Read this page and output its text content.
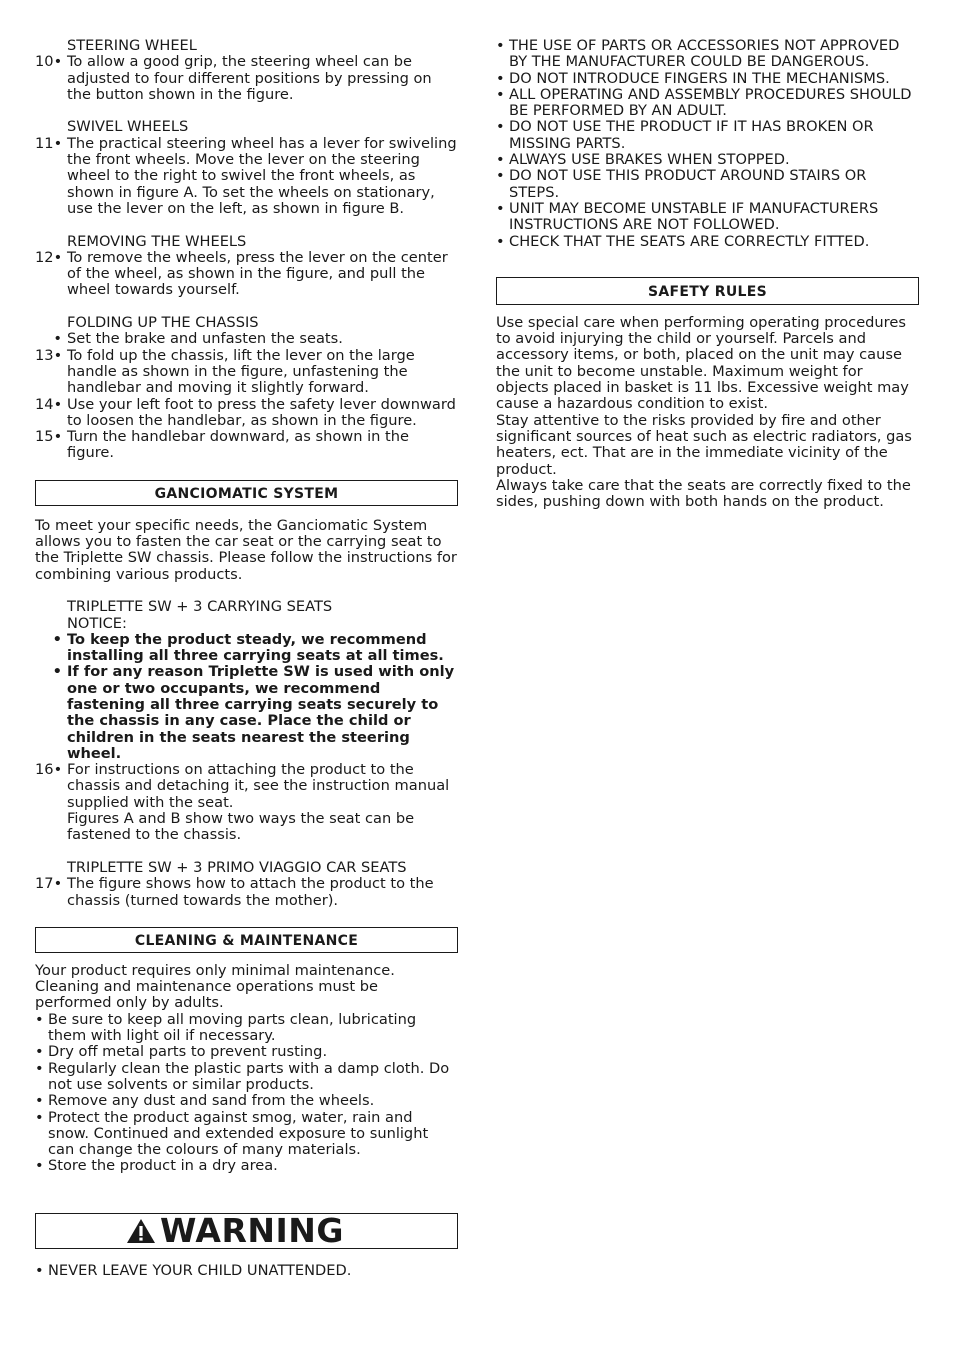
STEERING WHEEL

10• To allow a good grip, the steering wheel can be adjusted to four different positions by pressing on the button shown in the figure.

SWIVEL WHEELS

11• The practical steering wheel has a lever for swiveling the front wheels. Move the lever on the steering wheel to the right to swivel the front wheels, as shown in figure A. To set the wheels on stationary, use the lever on the left, as shown in figure B.

REMOVING THE WHEELS

12• To remove the wheels, press the lever on the center of the wheel, as shown in the figure, and pull the wheel towards yourself.

FOLDING UP THE CHASSIS

• Set the brake and unfasten the seats.
13• To fold up the chassis, lift the lever on the large handle as shown in the figure, unfastening the handlebar and moving it slightly forward.
14• Use your left foot to press the safety lever downward to loosen the handlebar, as shown in the figure.
15• Turn the handlebar downward, as shown in the figure.
GANCIOMATIC SYSTEM

To meet your specific needs, the Ganciomatic System allows you to fasten the car seat or the carrying seat to the Triplette SW chassis. Please follow the instructions for combining various products.

TRIPLETTE SW + 3 CARRYING SEATS

NOTICE:

• To keep the product steady, we recommend installing all three carrying seats at all times.
• If for any reason Triplette SW is used with only one or two occupants, we recommend fastening all three carrying seats securely to the chassis in any case. Place the child or children in the seats nearest the steering wheel.
16• For instructions on attaching the product to the chassis and detaching it, see the instruction manual supplied with the seat.
Figures A and B show two ways the seat can be fastened to the chassis.

TRIPLETTE SW + 3 PRIMO VIAGGIO CAR SEATS

17• The figure shows how to attach the product to the chassis (turned towards the mother).
CLEANING & MAINTENANCE

Your product requires only minimal maintenance. Cleaning and maintenance operations must be performed only by adults.

• Be sure to keep all moving parts clean, lubricating them with light oil if necessary.
• Dry off metal parts to prevent rusting.
• Regularly clean the plastic parts with a damp cloth. Do not use solvents or similar products.
• Remove any dust and sand from the wheels.
• Protect the product against smog, water, rain and snow. Continued and extended exposure to sunlight can change the colours of many materials.
• Store the product in a dry area.
WARNING
• NEVER LEAVE YOUR CHILD UNATTENDED.
• THE USE OF PARTS OR ACCESSORIES NOT APPROVED BY THE MANUFACTURER COULD BE DANGEROUS.
• DO NOT INTRODUCE FINGERS IN THE MECHANISMS.
• ALL OPERATING AND ASSEMBLY PROCEDURES SHOULD BE PERFORMED BY AN ADULT.
• DO NOT USE THE PRODUCT IF IT HAS BROKEN OR MISSING PARTS.
• ALWAYS USE BRAKES WHEN STOPPED.
• DO NOT USE THIS PRODUCT AROUND STAIRS OR STEPS.
• UNIT MAY BECOME UNSTABLE IF MANUFACTURERS INSTRUCTIONS ARE NOT FOLLOWED.
• CHECK THAT THE SEATS ARE CORRECTLY FITTED.
SAFETY RULES

Use special care when performing operating procedures to avoid injurying the child or yourself. Parcels and accessory items, or both, placed on the unit may cause the unit to become unstable. Maximum weight for objects placed in basket is 11 lbs. Excessive weight may cause a hazardous condition to exist.

Stay attentive to the risks provided by fire and other significant sources of heat such as electric radiators, gas heaters, ect. That are in the immediate vicinity of the product.

Always take care that the seats are correctly fixed to the sides, pushing down with both hands on the product.
